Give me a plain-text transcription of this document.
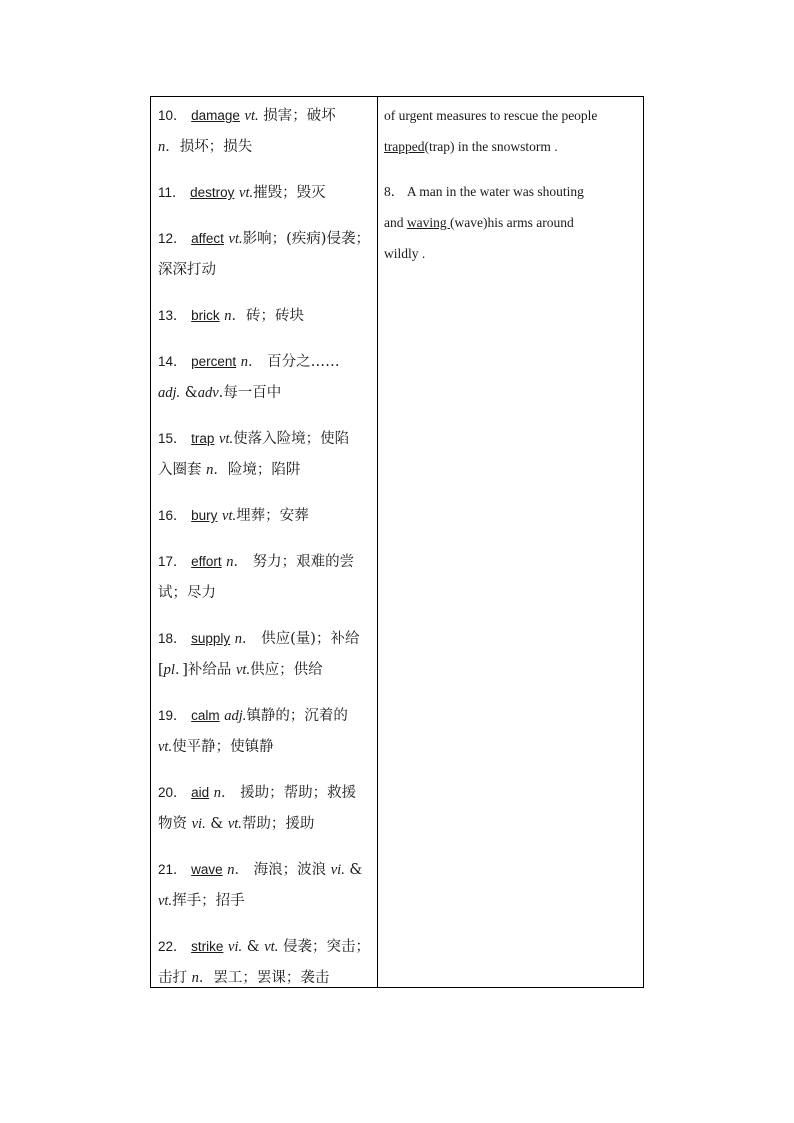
10． damage vt. 损害；破坏
n．损坏；损失
11． destroy vt.摧毁；毁灭
12． affect vt.影响；(疾病)侵袭；
深深打动
13． brick n．砖；砖块
14． percent n． 百分之……
adj. &adv.每一百中
15． trap vt.使落入险境；使陷
入圈套 n．险境；陷阱
16． bury vt.埋葬；安葬
17． effort n． 努力；艰难的尝
试；尽力
18． supply n． 供应(量)；补给
[pl．]补给品 vt.供应；供给
19． calm adj.镇静的；沉着的
vt.使平静；使镇静
20． aid n． 援助；帮助；救援
物资 vi. & vt.帮助；援助
21． wave n． 海浪；波浪 vi. &
vt.挥手；招手
22． strike vi. & vt. 侵袭；突击；
击打 n．罢工；罢课；袭击

of urgent measures to rescue the people
trapped(trap) in the snowstorm .

8． A man in the water was shouting
and waving (wave)his arms around
wildly .
